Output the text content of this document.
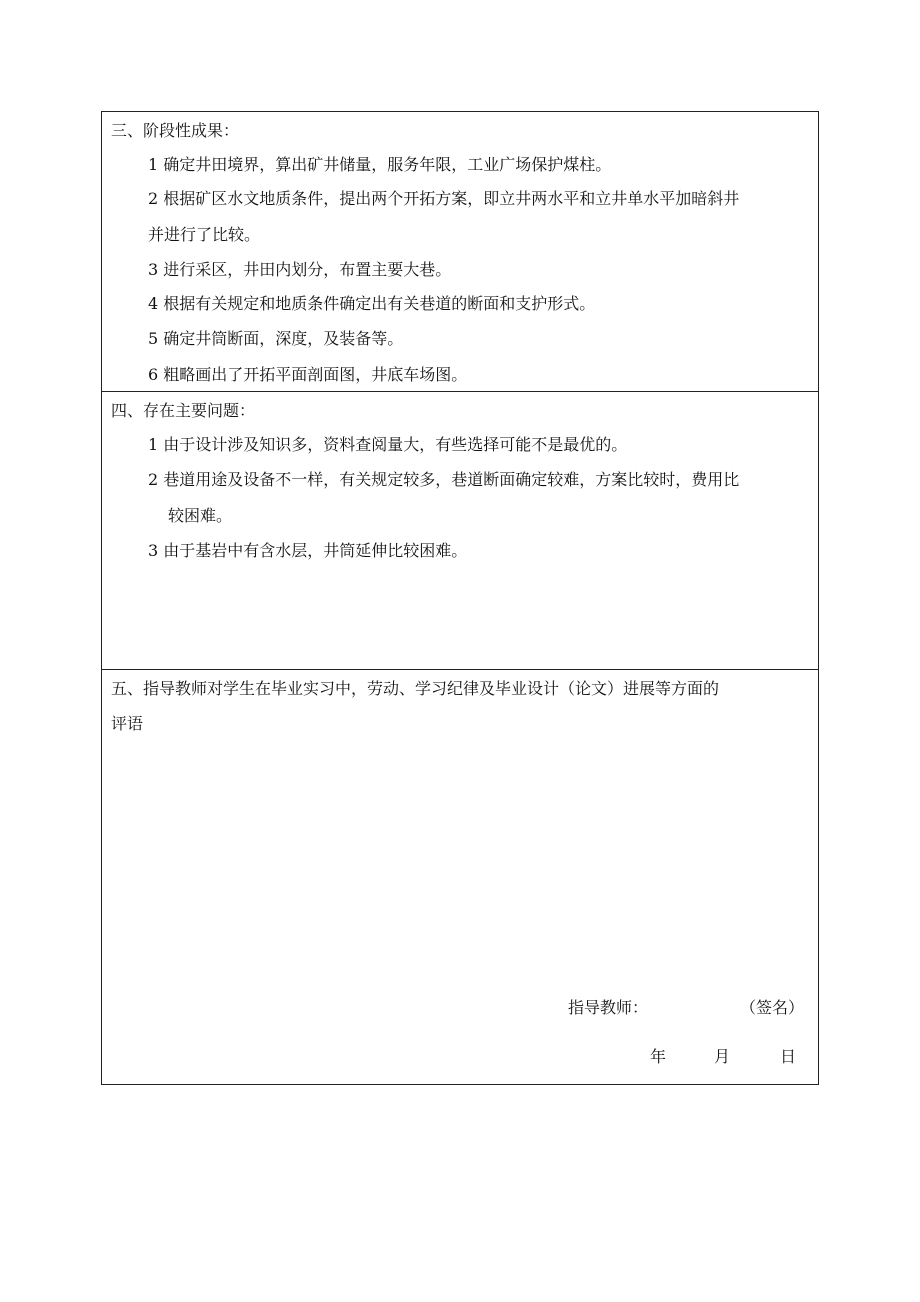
三、阶段性成果：
1 确定井田境界，算出矿井储量，服务年限，工业广场保护煤柱。
2 根据矿区水文地质条件，提出两个开拓方案，即立井两水平和立井单水平加暗斜井
并进行了比较。
3 进行采区，井田内划分，布置主要大巷。
4 根据有关规定和地质条件确定出有关巷道的断面和支护形式。
5 确定井筒断面，深度，及装备等。
6 粗略画出了开拓平面剖面图，井底车场图。
四、存在主要问题：
1 由于设计涉及知识多，资料查阅量大，有些选择可能不是最优的。
2 巷道用途及设备不一样，有关规定较多，巷道断面确定较难，方案比较时，费用比
较困难。
3 由于基岩中有含水层，井筒延伸比较困难。
五、指导教师对学生在毕业实习中，劳动、学习纪律及毕业设计（论文）进展等方面的
评语
指导教师：	（签名）
年	月	日
